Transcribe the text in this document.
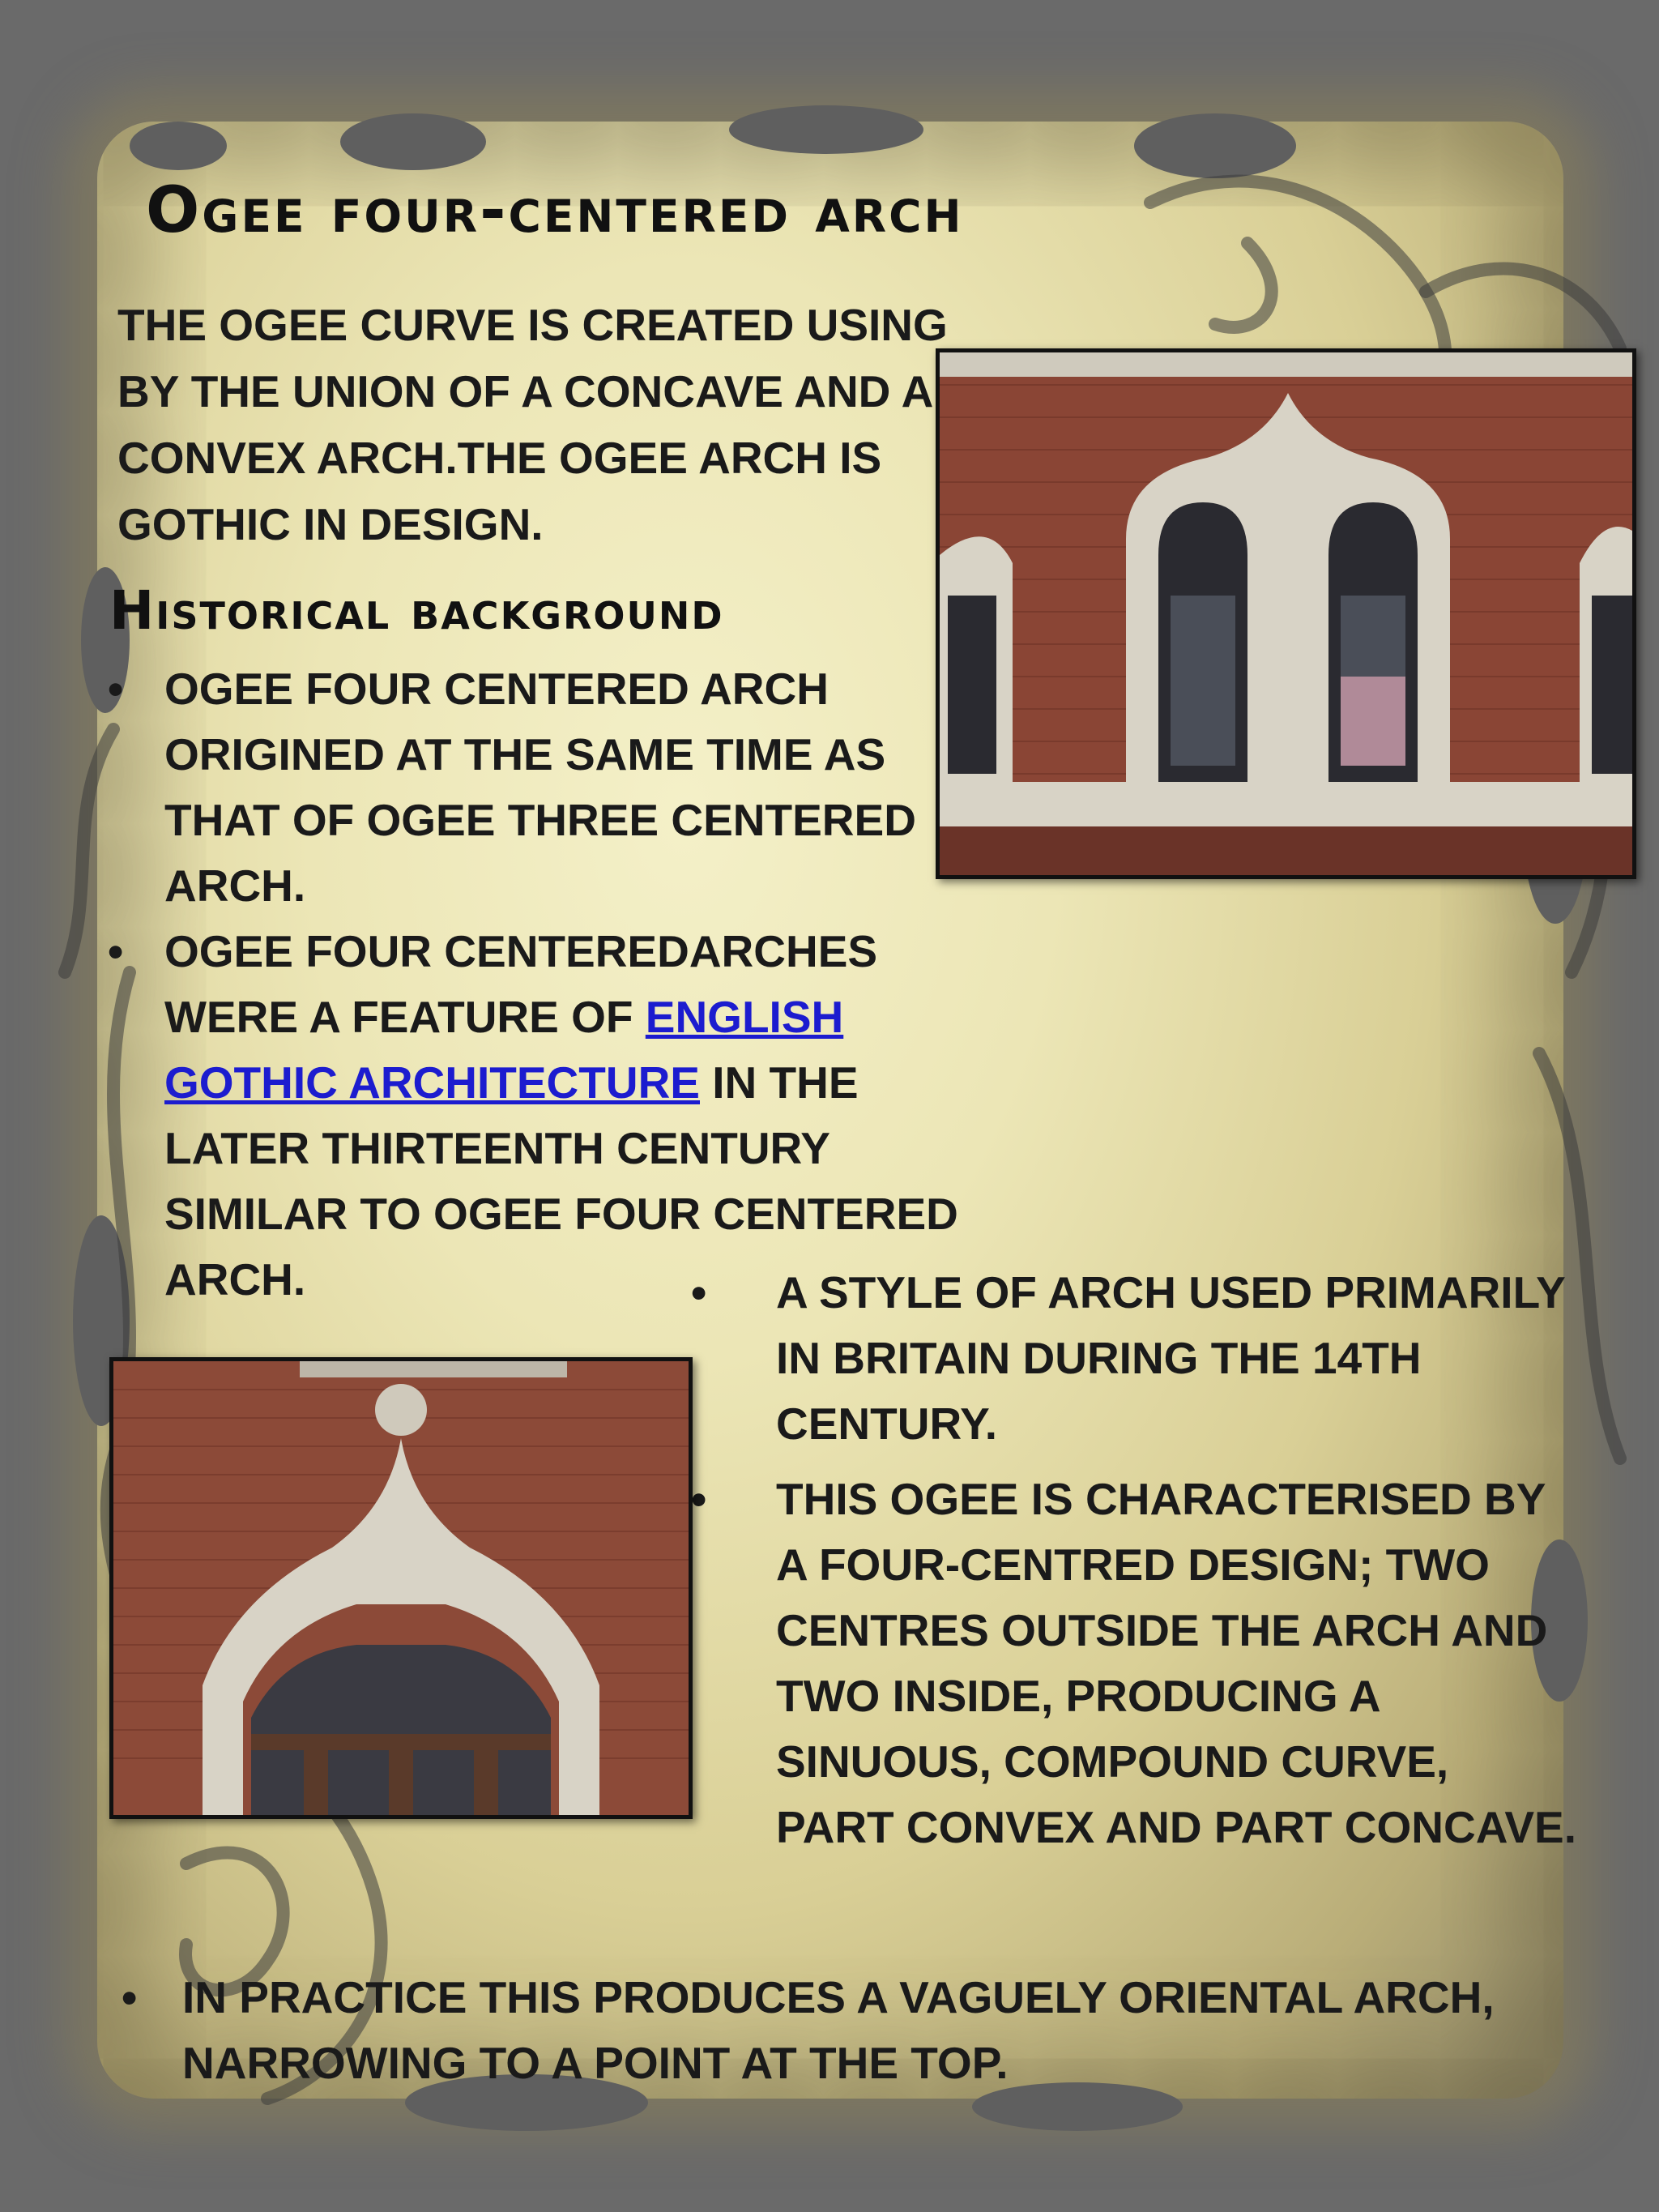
Ogee four-centered arch

THE OGEE CURVE IS CREATED USING BY THE UNION OF A CONCAVE AND A CONVEX ARCH.THE OGEE ARCH IS GOTHIC IN DESIGN.

Historical background
• OGEE FOUR CENTERED ARCH ORIGINED AT THE SAME TIME AS THAT OF OGEE THREE CENTERED ARCH.
• OGEE FOUR CENTEREDARCHES WERE A FEATURE OF ENGLISH GOTHIC ARCHITECTURE IN THE LATER THIRTEENTH CENTURY SIMILAR TO OGEE FOUR CENTERED ARCH.	• A STYLE OF ARCH USED PRIMARILY IN BRITAIN DURING THE 14TH CENTURY.
• THIS OGEE IS CHARACTERISED BY A FOUR-CENTRED DESIGN; TWO CENTRES OUTSIDE THE ARCH AND TWO INSIDE, PRODUCING A SINUOUS, COMPOUND CURVE, PART CONVEX AND PART CONCAVE.
• IN PRACTICE THIS PRODUCES A VAGUELY ORIENTAL ARCH, NARROWING TO A POINT AT THE TOP.
